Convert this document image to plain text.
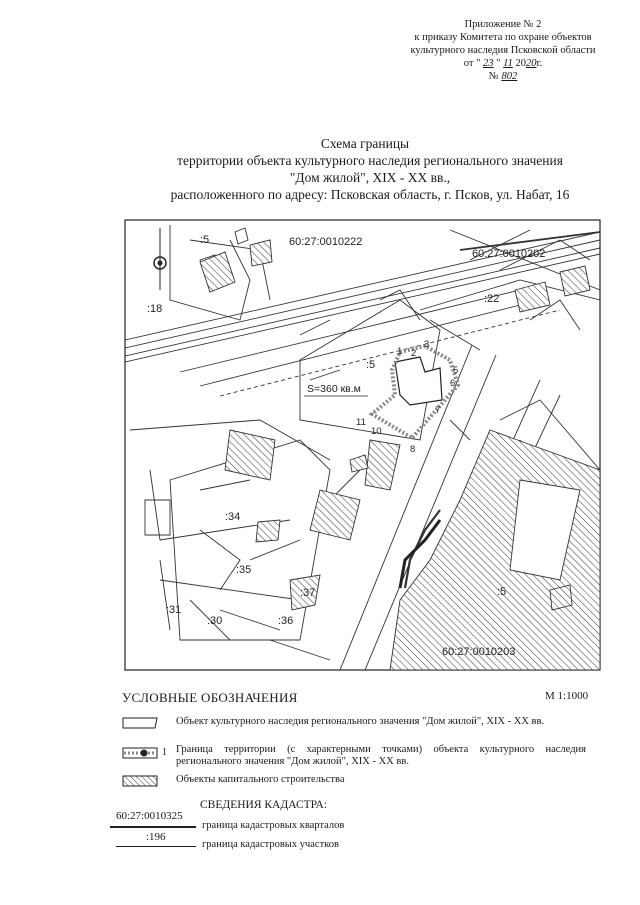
Приложение № 2
к приказу Комитета по охране объектов
культурного наследия Псковской области
от " 23 " 11 2020г.
№ 802
Схема границы
территории объекта культурного наследия регионального значения
"Дом жилой", XIX - XX вв.,
расположенного по адресу: Псковская область, г. Псков, ул. Набат, 16
60:27:0010222
60:27:0010202
60:27:0010203
:5
:18
:22
:5
:34
:35
:37
:31
:30	:36
:5
S=360 кв.м
1 2
3
5
6
7
8
10
11
УСЛОВНЫЕ ОБОЗНАЧЕНИЯ	М 1:1000
Объект культурного наследия регионального значения "Дом жилой", XIX - XX вв.
1 Граница территории (с характерными точками) объекта культурного наследия регионального значения "Дом жилой", XIX - XX вв.
Объекты капитального строительства
СВЕДЕНИЯ КАДАСТРА:
60:27:0010325
граница кадастровых кварталов
:196
граница кадастровых участков
